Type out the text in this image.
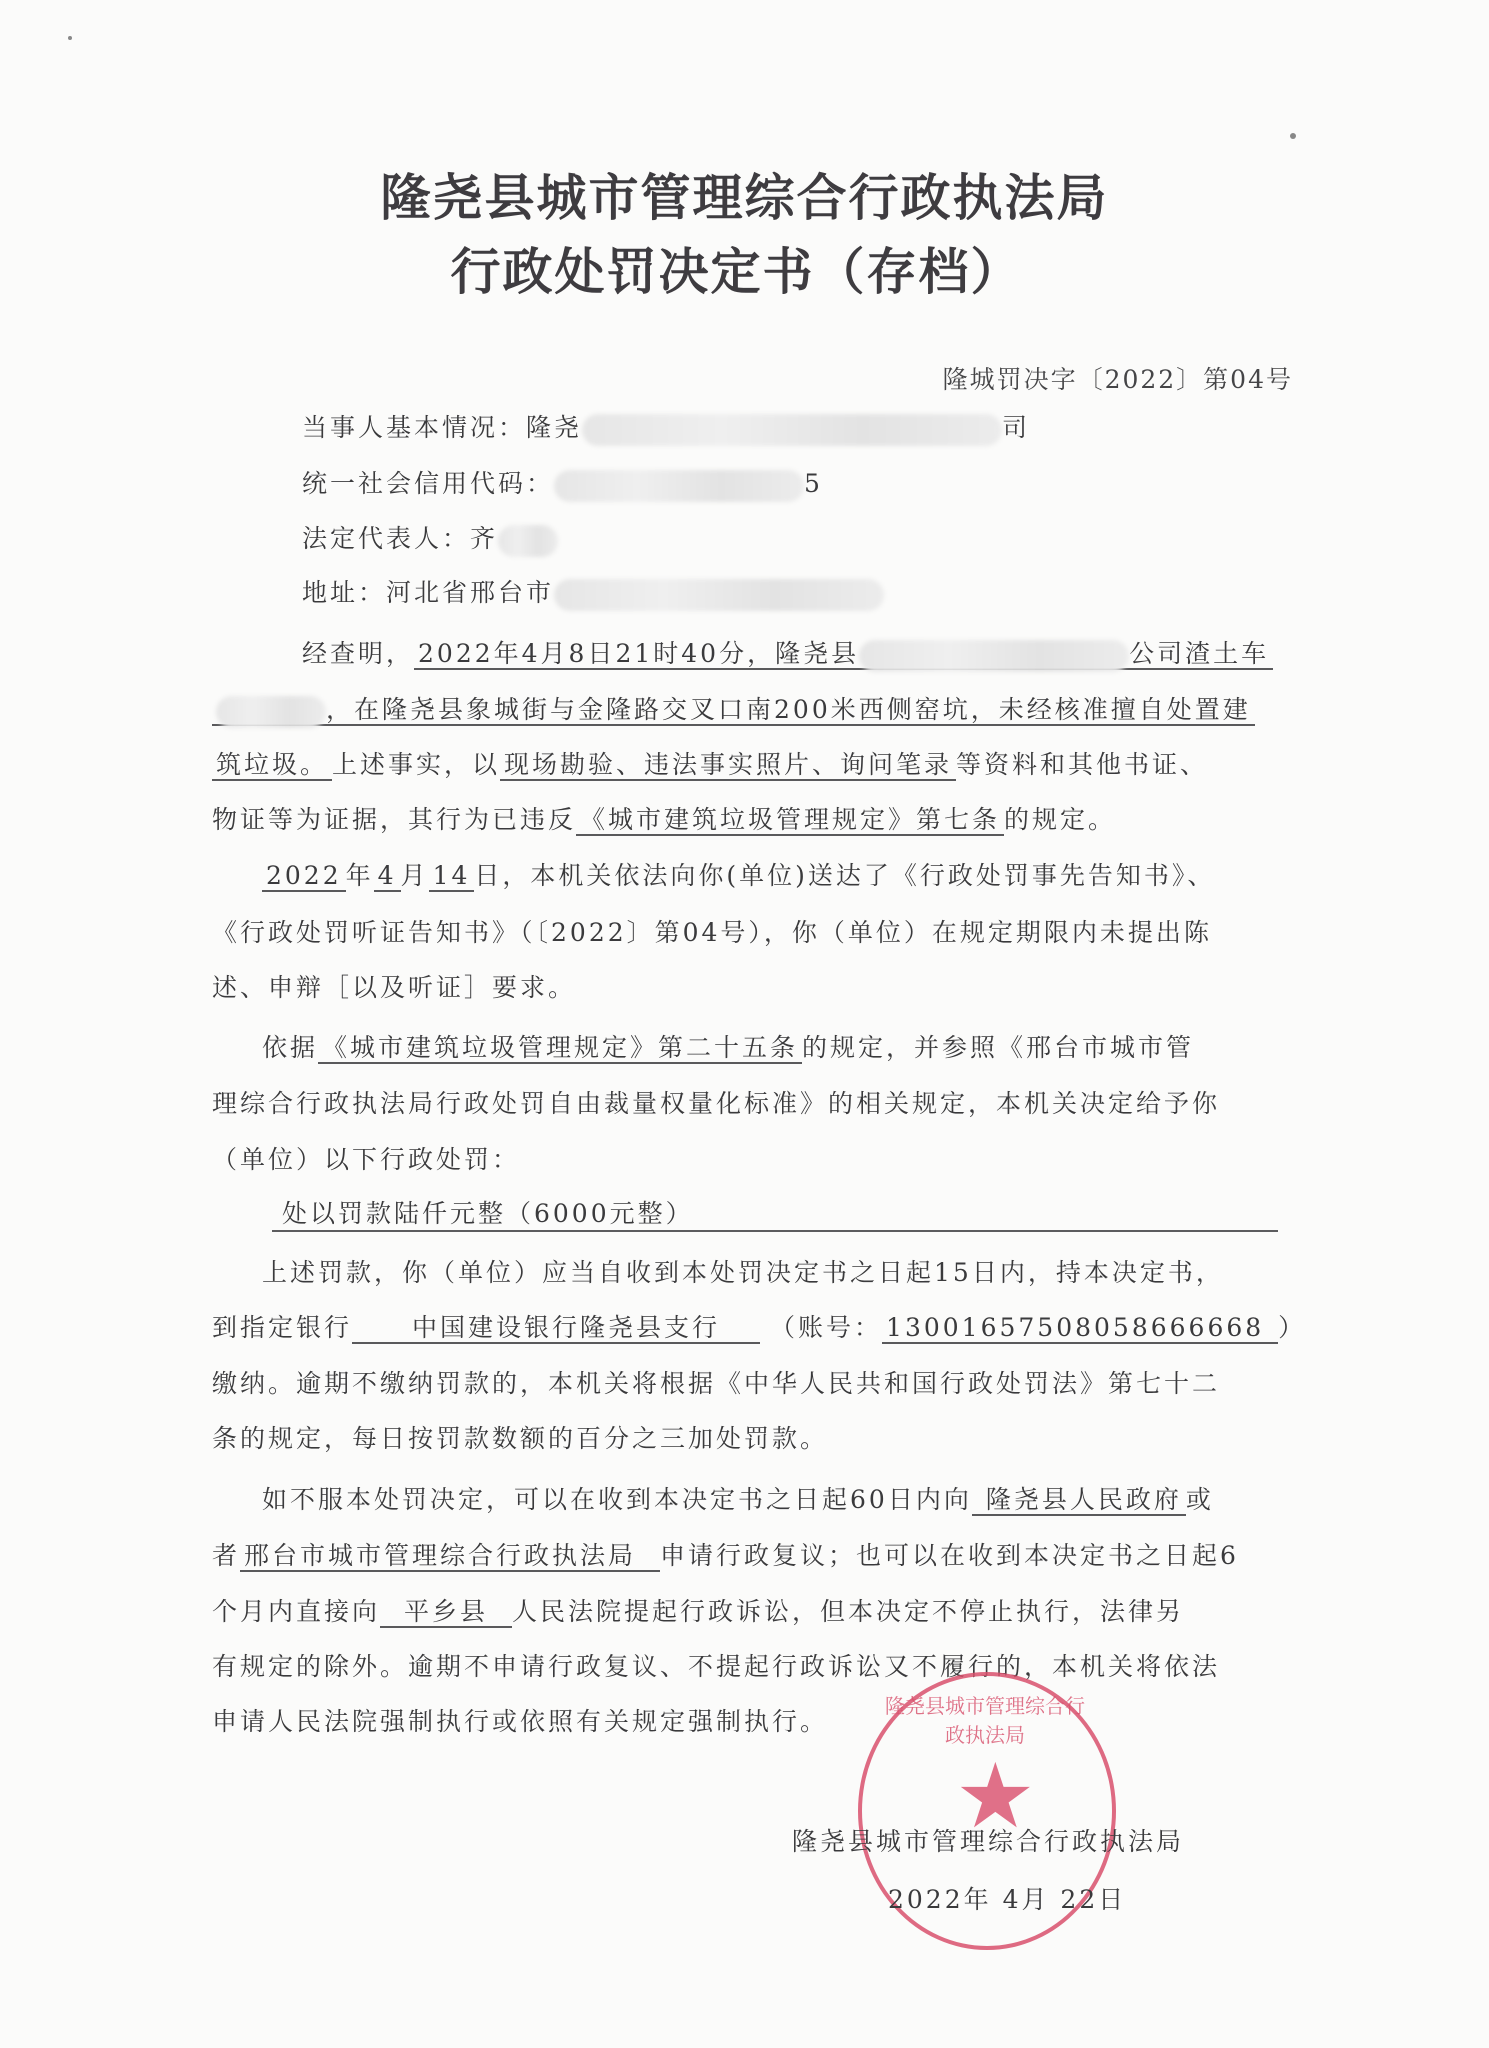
隆尧县城市管理综合行政执法局
行政处罚决定书（存档）
隆城罚决字〔2022〕第04号
当事人基本情况：隆尧	司
统一社会信用代码：	5
法定代表人：齐
地址：河北省邢台市
经查明， 2022年4月8日21时40分，隆尧县	公司渣土车
，在隆尧县象城街与金隆路交叉口南200米西侧窑坑，未经核准擅自处置建
筑垃圾。 上述事实，以 现场勘验、违法事实照片、询问笔录 等资料和其他书证、
物证等为证据，其行为已违反 《城市建筑垃圾管理规定》第七条 的规定。
2022 年 4 月 14 日，本机关依法向你(单位)送达了《行政处罚事先告知书》、
《行政处罚听证告知书》（〔2022〕第04号），你（单位）在规定期限内未提出陈
述、申辩［以及听证］要求。
依据 《城市建筑垃圾管理规定》第二十五条 的规定，并参照《邢台市城市管
理综合行政执法局行政处罚自由裁量权量化标准》的相关规定，本机关决定给予你
（单位）以下行政处罚：
处以罚款陆仟元整（6000元整）
上述罚款，你（单位）应当自收到本处罚决定书之日起15日内，持本决定书，
到指定银行 中国建设银行隆尧县支行 （账号： 13001657508058666668 ）
缴纳。逾期不缴纳罚款的，本机关将根据《中华人民共和国行政处罚法》第七十二
条的规定，每日按罚款数额的百分之三加处罚款。
如不服本处罚决定，可以在收到本决定书之日起60日内向 隆尧县人民政府 或
者 邢台市城市管理综合行政执法局 申请行政复议；也可以在收到本决定书之日起6
个月内直接向 平乡县 人民法院提起行政诉讼，但本决定不停止执行，法律另
有规定的除外。逾期不申请行政复议、不提起行政诉讼又不履行的，本机关将依法
申请人民法院强制执行或依照有关规定强制执行。
隆尧县城市管理综合行政执法局
★
隆尧县城市管理综合行政执法局
2022年 4月 22日
